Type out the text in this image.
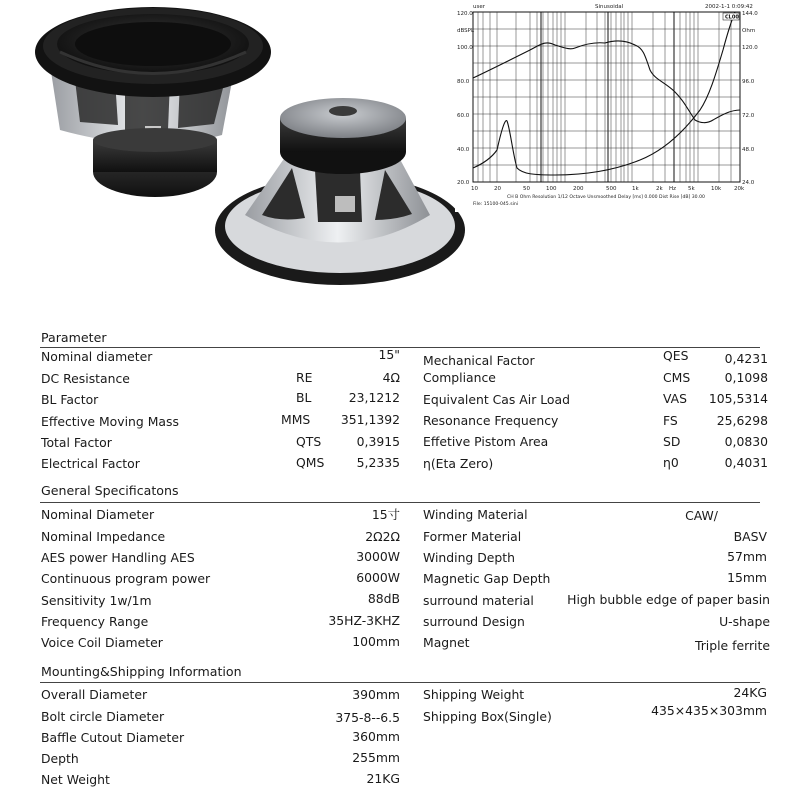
user	Sinusoidal	2002-1-1 0:09:42
120.0
dBSPL
100.0
80.0
60.0
40.0
20.0
144.0
Ohm
120.0
96.0
72.0
48.0
24.0
CL00
10	20	50	100	200	500	1k	2k Hz 5k	10k 20k
CH B Ohm Resolution 1/12 Octave Unsmoothed Delay [ms] 0.000 Dist Rise [dB] 30.00
File: 15100-045.sini
Parameter
Nominal diameter	15"
DC Resistance	RE	4Ω
BL Factor	BL	23,1212
Effective Moving Mass	MMS	351,1392
Total Factor	QTS	0,3915
Electrical Factor	QMS	5,2335
Mechanical Factor	QES	0,4231
Compliance	CMS	0,1098
Equivalent Cas Air Load	VAS	105,5314
Resonance Frequency	FS	25,6298
Effetive Pistom Area	SD	0,0830
η(Eta Zero)	η0	0,4031
General Specificatons
Nominal Diameter	15寸
Nominal Impedance	2Ω2Ω
AES power Handling AES	3000W
Continuous program power	6000W
Sensitivity 1w/1m	88dB
Frequency Range	35HZ-3KHZ
Voice Coil Diameter	100mm
Winding Material	CAW/
Former Material	BASV
Winding Depth	57mm
Magnetic Gap Depth	15mm
surround material	High bubble edge of paper basin
surround Design	U-shape
Magnet	Triple ferrite
Mounting&Shipping Information
Overall Diameter	390mm
Bolt circle Diameter	375-8--6.5
Baffle Cutout Diameter	360mm
Depth	255mm
Net Weight	21KG
Shipping Weight	24KG
Shipping Box(Single)	435×435×303mm
